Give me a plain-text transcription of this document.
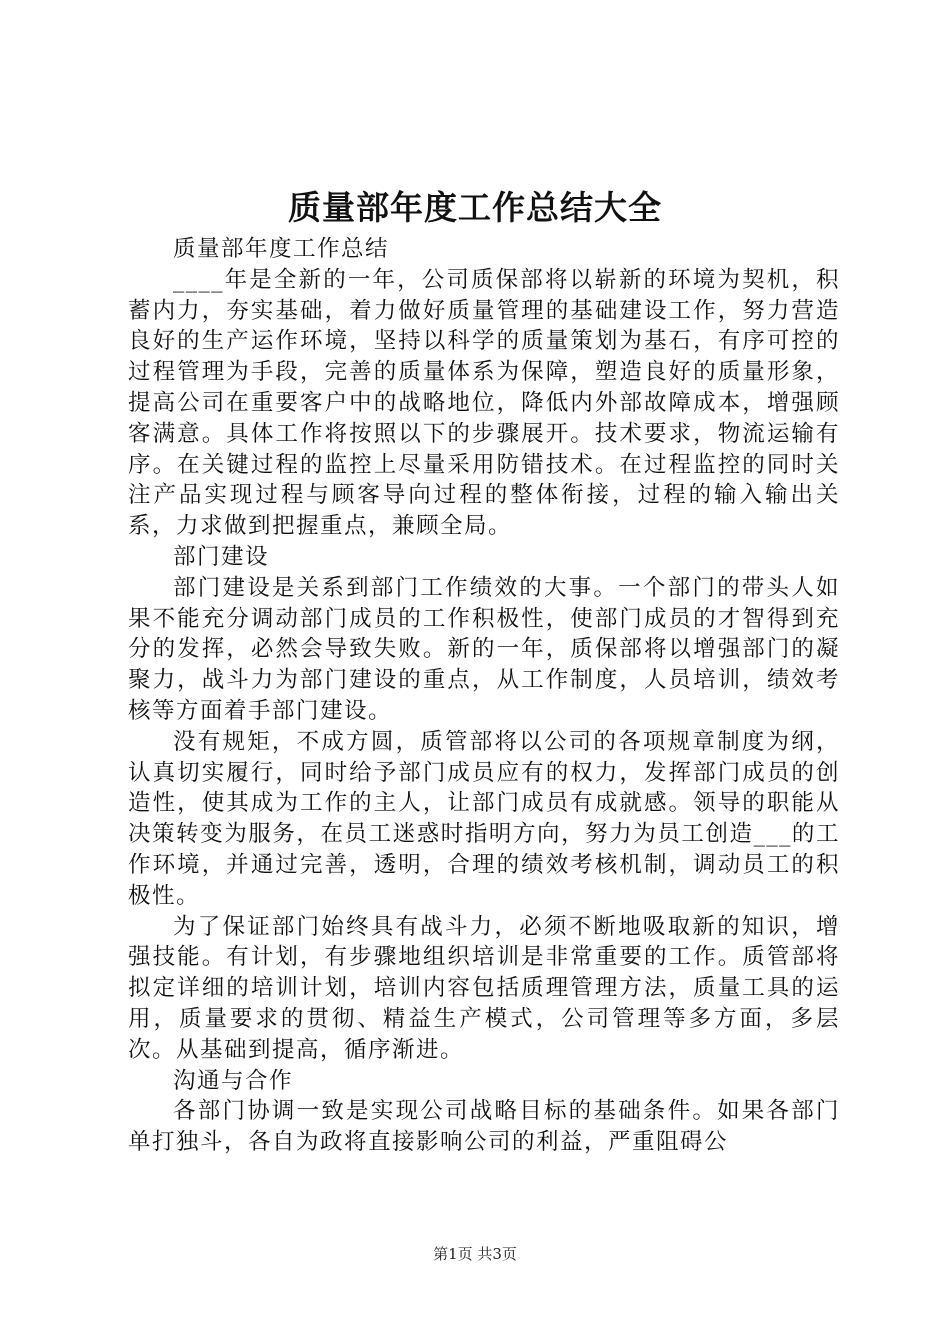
质量部年度工作总结大全

质量部年度工作总结

____年是全新的一年，公司质保部将以崭新的环境为契机，积蓄内力，夯实基础，着力做好质量管理的基础建设工作，努力营造良好的生产运作环境，坚持以科学的质量策划为基石，有序可控的过程管理为手段，完善的质量体系为保障，塑造良好的质量形象，提高公司在重要客户中的战略地位，降低内外部故障成本，增强顾客满意。具体工作将按照以下的步骤展开。技术要求，物流运输有序。在关键过程的监控上尽量采用防错技术。在过程监控的同时关注产品实现过程与顾客导向过程的整体衔接，过程的输入输出关系，力求做到把握重点，兼顾全局。

部门建设

部门建设是关系到部门工作绩效的大事。一个部门的带头人如果不能充分调动部门成员的工作积极性，使部门成员的才智得到充分的发挥，必然会导致失败。新的一年，质保部将以增强部门的凝聚力，战斗力为部门建设的重点，从工作制度，人员培训，绩效考核等方面着手部门建设。

没有规矩，不成方圆，质管部将以公司的各项规章制度为纲，认真切实履行，同时给予部门成员应有的权力，发挥部门成员的创造性，使其成为工作的主人，让部门成员有成就感。领导的职能从决策转变为服务，在员工迷惑时指明方向，努力为员工创造___的工作环境，并通过完善，透明，合理的绩效考核机制，调动员工的积极性。

为了保证部门始终具有战斗力，必须不断地吸取新的知识，增强技能。有计划，有步骤地组织培训是非常重要的工作。质管部将拟定详细的培训计划，培训内容包括质理管理方法，质量工具的运用，质量要求的贯彻、精益生产模式，公司管理等多方面，多层次。从基础到提高，循序渐进。

沟通与合作

各部门协调一致是实现公司战略目标的基础条件。如果各部门单打独斗，各自为政将直接影响公司的利益，严重阻碍公

第1页 共3页
